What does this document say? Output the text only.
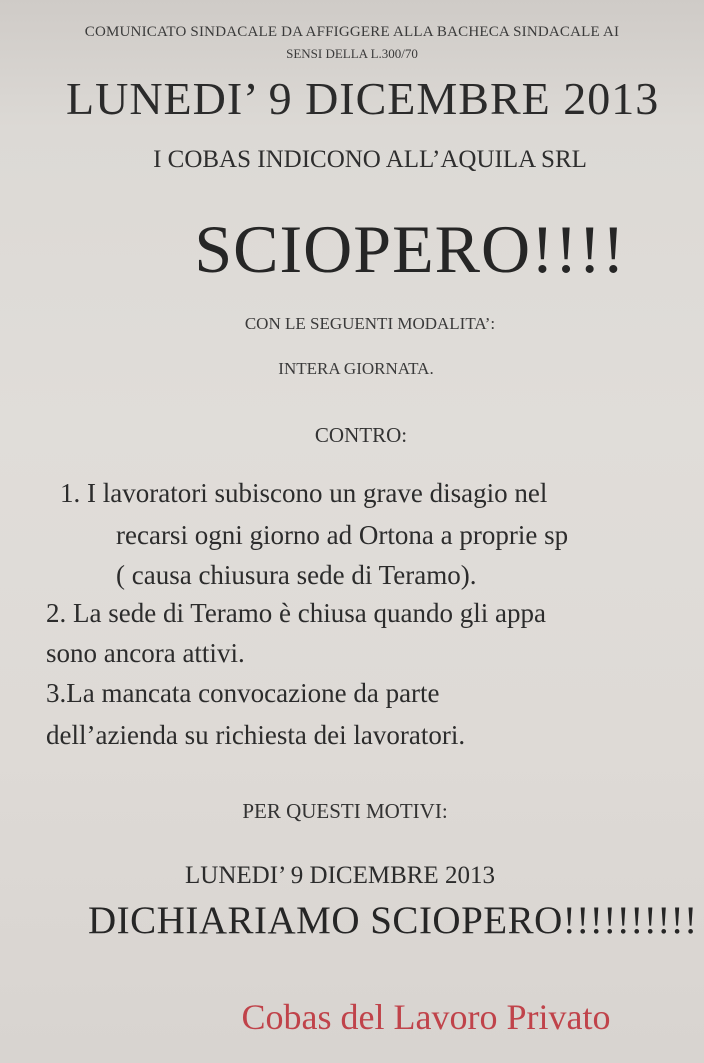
COMUNICATO SINDACALE DA AFFIGGERE ALLA BACHECA SINDACALE AI
SENSI DELLA L.300/70
LUNEDI’ 9 DICEMBRE 2013
I COBAS INDICONO ALL’AQUILA SRL
SCIOPERO!!!!
CON LE SEGUENTI MODALITA’:
INTERA GIORNATA.
CONTRO:
1. I lavoratori subiscono un grave disagio nel
recarsi ogni giorno ad Ortona a proprie sp
( causa chiusura sede di Teramo).
2. La sede di Teramo è chiusa quando gli appa
sono ancora attivi.
3.La mancata convocazione da parte
dell’azienda su richiesta dei lavoratori.
PER QUESTI MOTIVI:
LUNEDI’ 9 DICEMBRE 2013
DICHIARIAMO SCIOPERO!!!!!!!!!!
Cobas del Lavoro Privato
